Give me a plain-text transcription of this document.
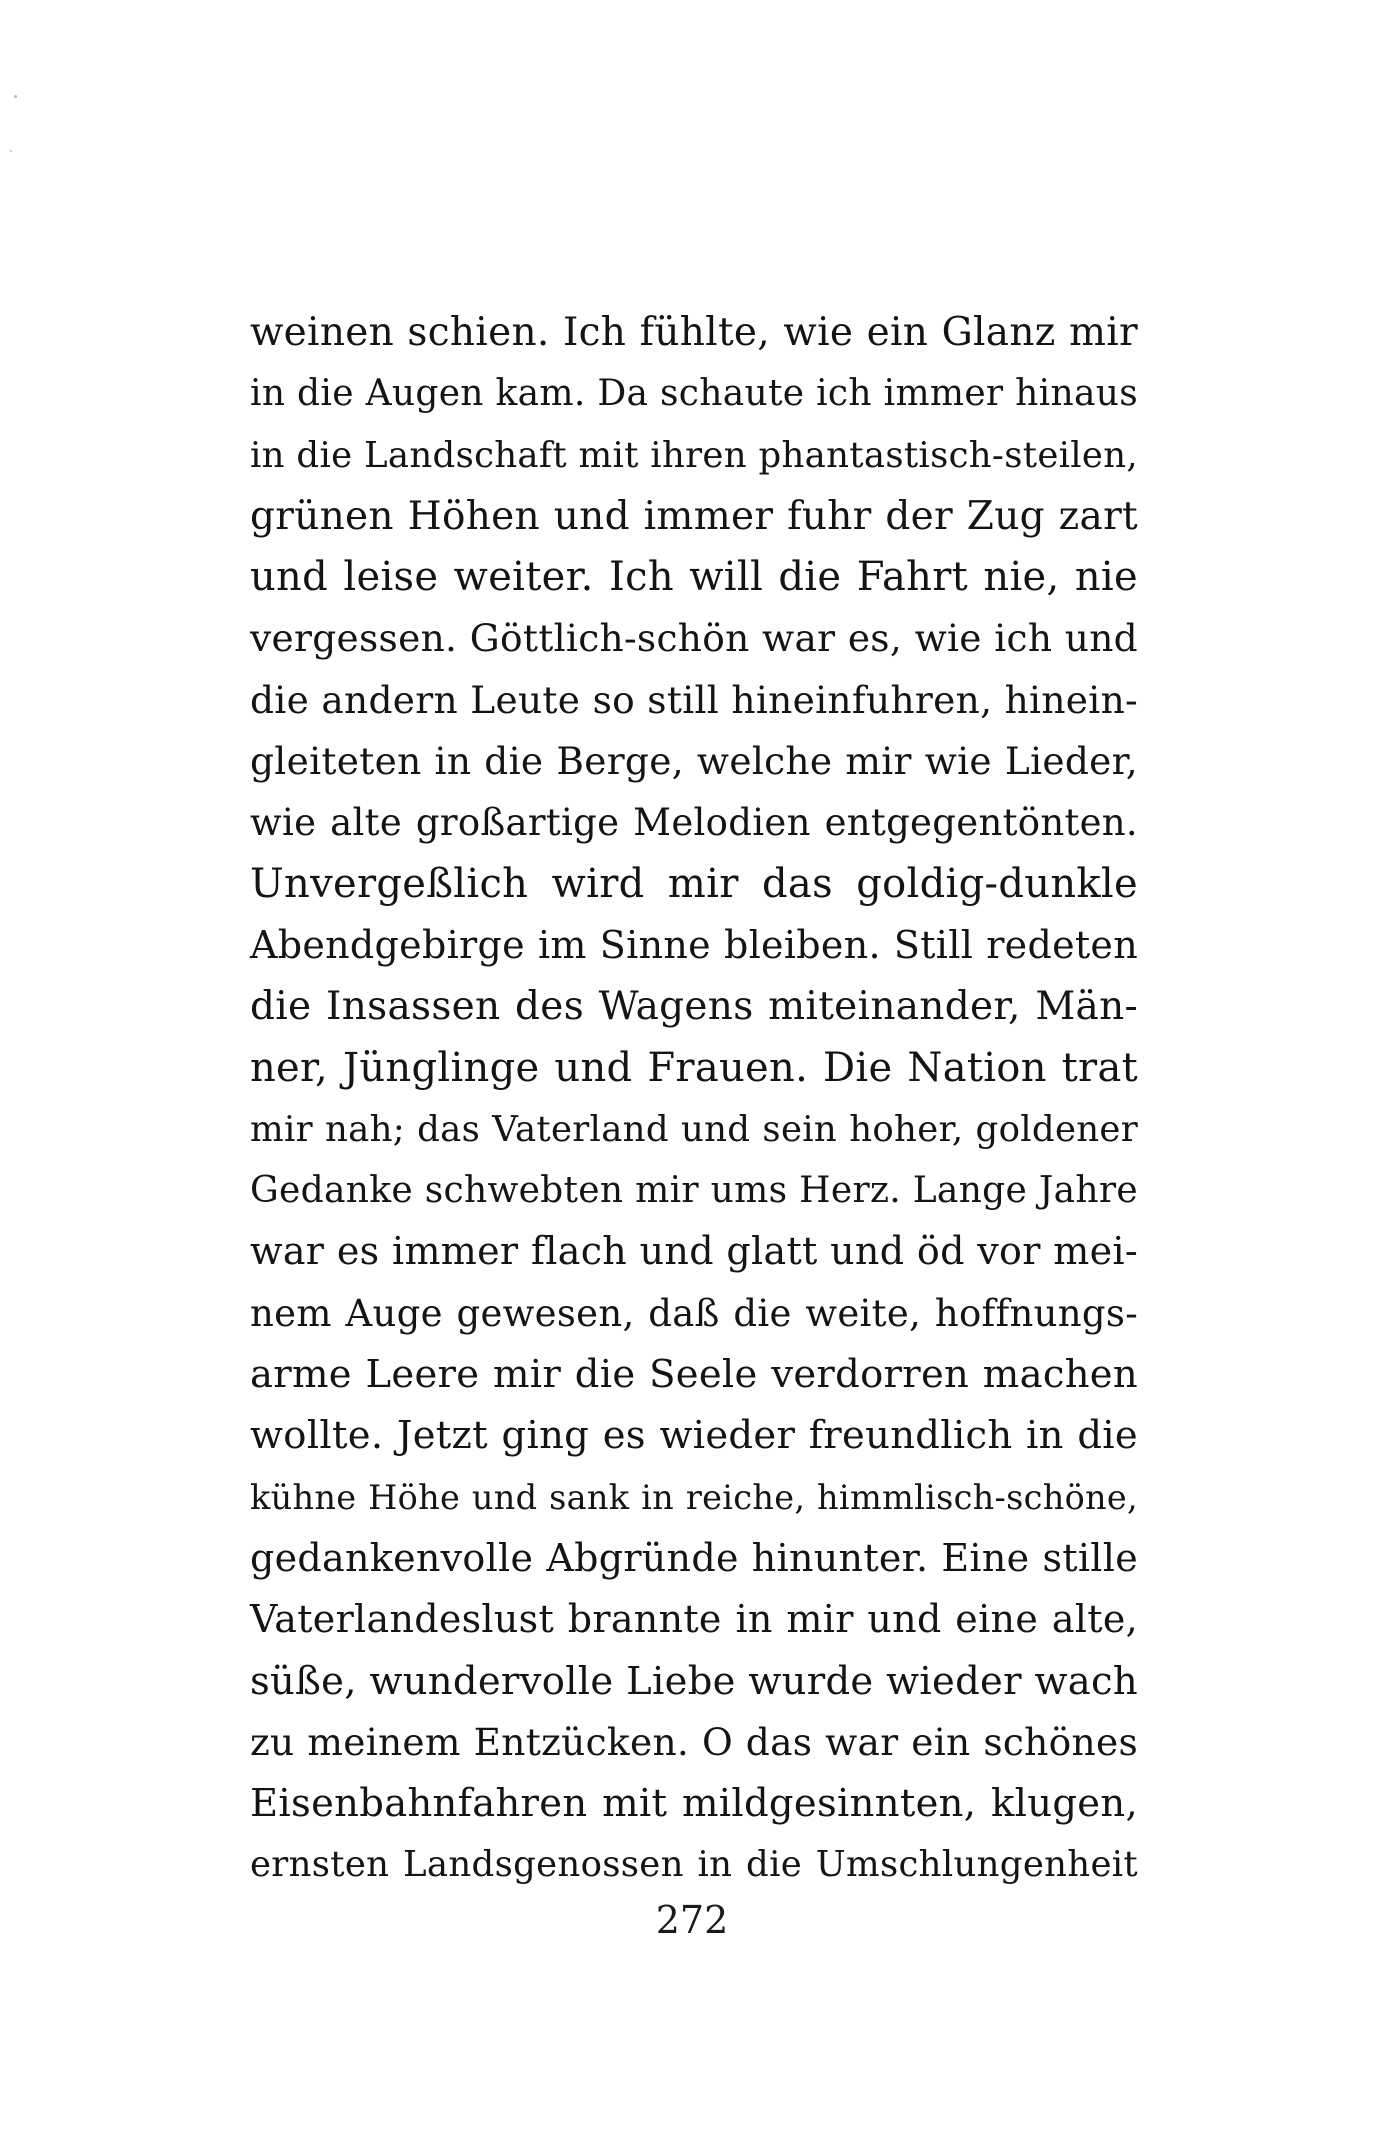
weinen schien. Ich fühlte, wie ein Glanz mir
in die Augen kam. Da schaute ich immer hinaus
in die Landschaft mit ihren phantastisch-steilen,
grünen Höhen und immer fuhr der Zug zart
und leise weiter. Ich will die Fahrt nie, nie
vergessen. Göttlich-schön war es, wie ich und
die andern Leute so still hineinfuhren, hinein-
gleiteten in die Berge, welche mir wie Lieder,
wie alte großartige Melodien entgegentönten.
Unvergeßlich wird mir das goldig-dunkle
Abendgebirge im Sinne bleiben. Still redeten
die Insassen des Wagens miteinander, Män-
ner, Jünglinge und Frauen. Die Nation trat
mir nah; das Vaterland und sein hoher, goldener
Gedanke schwebten mir ums Herz. Lange Jahre
war es immer flach und glatt und öd vor mei-
nem Auge gewesen, daß die weite, hoffnungs-
arme Leere mir die Seele verdorren machen
wollte. Jetzt ging es wieder freundlich in die
kühne Höhe und sank in reiche, himmlisch-schöne,
gedankenvolle Abgründe hinunter. Eine stille
Vaterlandeslust brannte in mir und eine alte,
süße, wundervolle Liebe wurde wieder wach
zu meinem Entzücken. O das war ein schönes
Eisenbahnfahren mit mildgesinnten, klugen,
ernsten Landsgenossen in die Umschlungenheit
272
